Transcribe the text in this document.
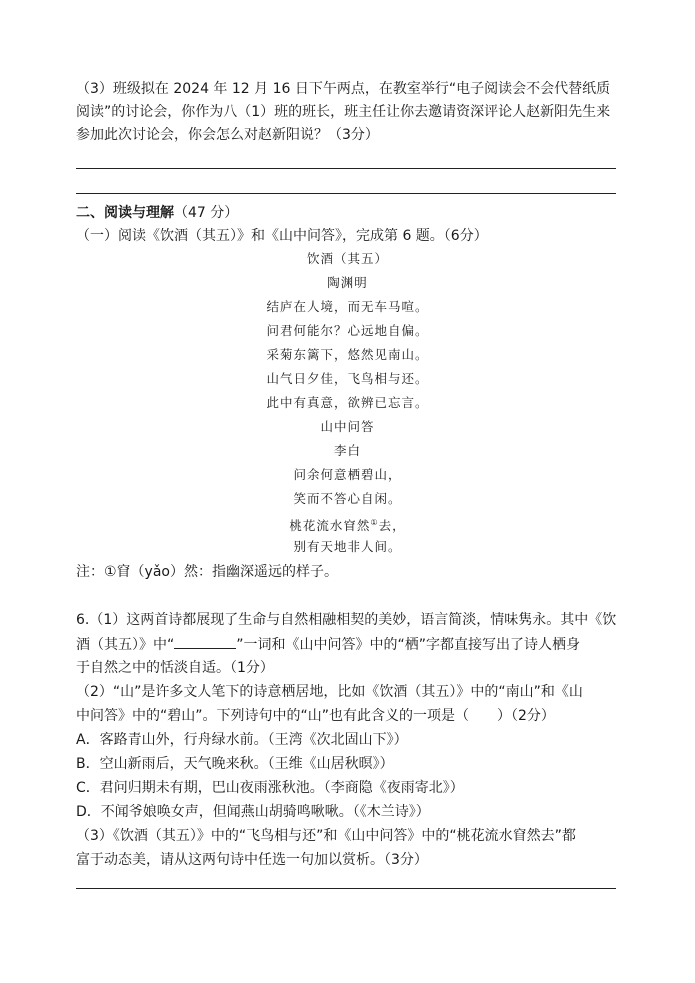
（3）班级拟在 2024 年 12 月 16 日下午两点，在教室举行“电子阅读会不会代替纸质阅读”的讨论会，你作为八（1）班的班长，班主任让你去邀请资深评论人赵新阳先生来参加此次讨论会，你会怎么对赵新阳说？（3分）

二、阅读与理解（47 分）
（一）阅读《饮酒（其五）》和《山中问答》，完成第 6 题。（6分）
饮酒（其五）
陶渊明
结庐在人境，而无车马喧。
问君何能尔？心远地自偏。
采菊东篱下，悠然见南山。
山气日夕佳，飞鸟相与还。
此中有真意，欲辨已忘言。
山中问答
李白
问余何意栖碧山，
笑而不答心自闲。
桃花流水窅然①去，
别有天地非人间。
注：①窅（yǎo）然：指幽深遥远的样子。
6.（1）这两首诗都展现了生命与自然相融相契的美妙，语言简淡，情味隽永。其中《饮
酒（其五）》中“	”一词和《山中问答》中的“栖”字都直接写出了诗人栖身
于自然之中的恬淡自适。（1分）
（2）“山”是许多文人笔下的诗意栖居地，比如《饮酒（其五）》中的“南山”和《山
中问答》中的“碧山”。下列诗句中的“山”也有此含义的一项是（　　）（2分）
A．客路青山外，行舟绿水前。（王湾《次北固山下》）
B．空山新雨后，天气晚来秋。（王维《山居秋暝》）
C．君问归期未有期，巴山夜雨涨秋池。（李商隐《夜雨寄北》）
D．不闻爷娘唤女声，但闻燕山胡骑鸣啾啾。（《木兰诗》）
（3）《饮酒（其五）》中的“飞鸟相与还”和《山中问答》中的“桃花流水窅然去”都
富于动态美，请从这两句诗中任选一句加以赏析。（3分）
